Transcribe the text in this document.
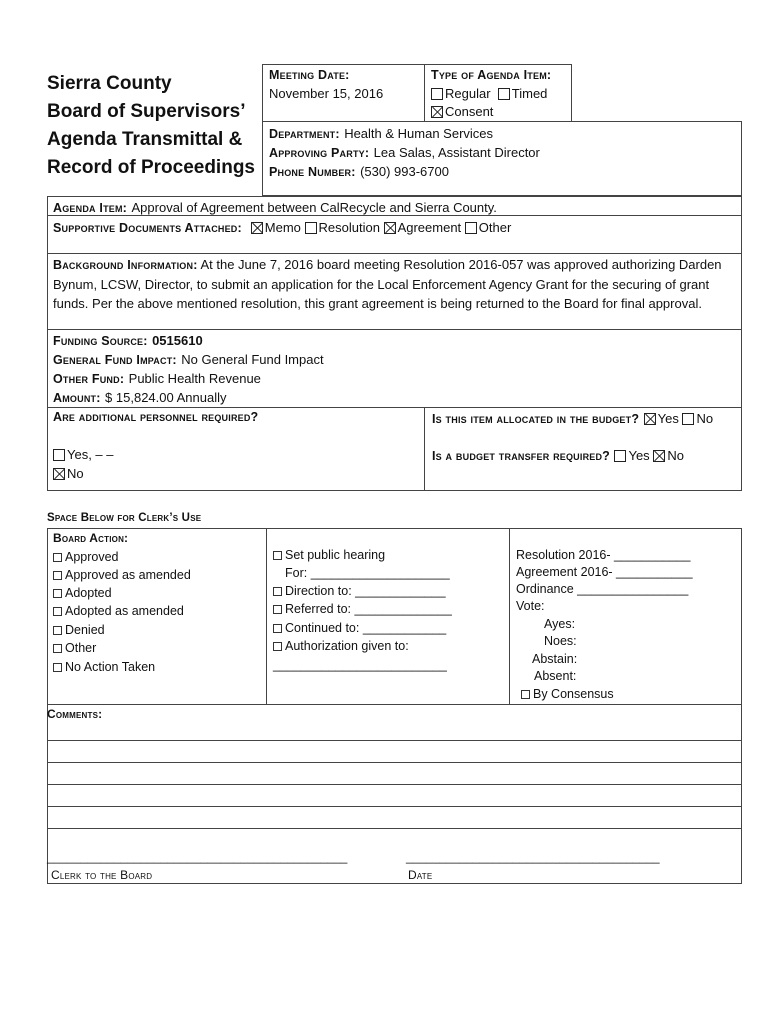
Sierra County
Board of Supervisors’
Agenda Transmittal &
Record of Proceedings
Meeting Date:
November 15, 2016
Type of Agenda Item:
Regular Timed
Consent
Department: Health & Human Services
Approving Party: Lea Salas, Assistant Director
Phone Number: (530) 993-6700
Agenda Item: Approval of Agreement between CalRecycle and Sierra County.
Supportive Documents Attached: Memo Resolution Agreement Other
Background Information: At the June 7, 2016 board meeting Resolution 2016-057 was approved authorizing Darden Bynum, LCSW, Director, to submit an application for the Local Enforcement Agency Grant for the securing of grant funds. Per the above mentioned resolution, this grant agreement is being returned to the Board for final approval.
Funding Source: 0515610
General Fund Impact: No General Fund Impact
Other Fund: Public Health Revenue
Amount: $ 15,824.00 Annually
Are additional personnel required?
Yes, – –
No
Is this item allocated in the budget? Yes No
Is a budget transfer required? Yes No
Space Below for Clerk’s Use
Board Action:
Approved
Approved as amended
Adopted
Adopted as amended
Denied
Other
No Action Taken
Set public hearing
For: ____________________
Direction to: _____________
Referred to: ______________
Continued to: ____________
Authorization given to:
_________________________
Resolution 2016- ___________
Agreement 2016- ___________
Ordinance ________________
Vote:
Ayes:
Noes:
Abstain:
Absent:
By Consensus
Comments:
_____________________________________________	______________________________________
Clerk to the Board	Date
